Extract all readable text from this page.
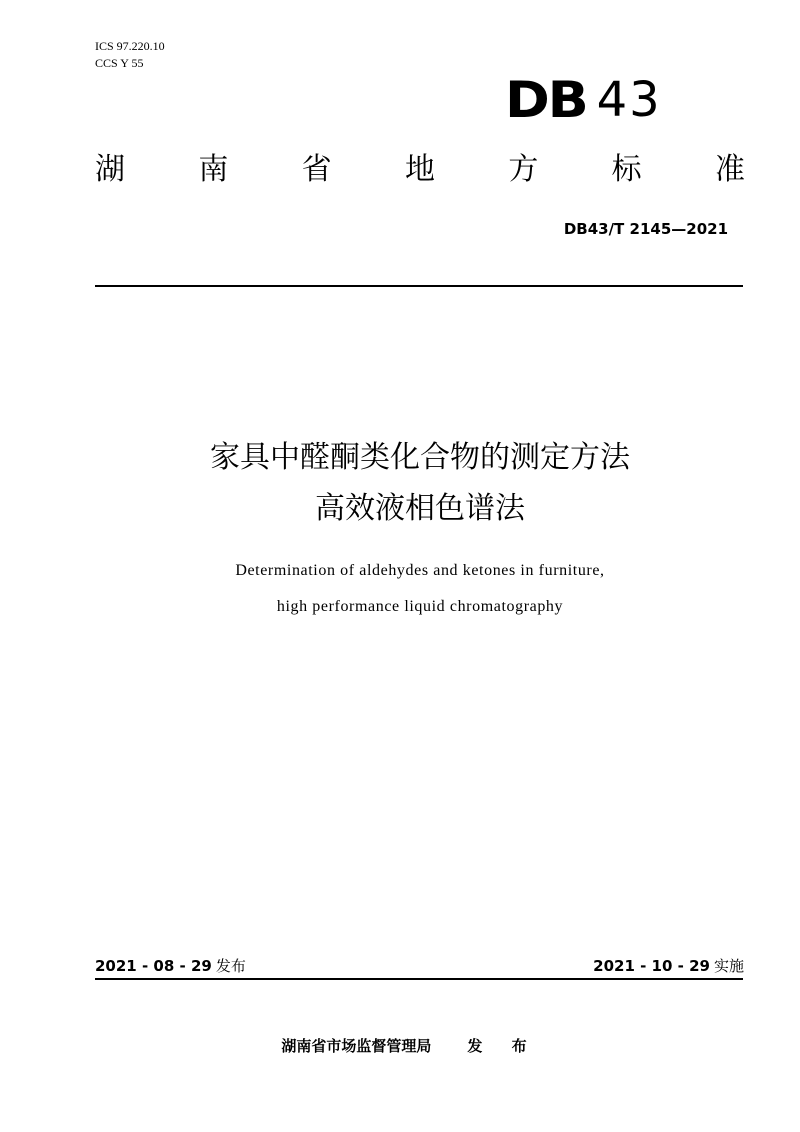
ICS 97.220.10
CCS Y 55
DB 43
湖 南 省 地 方 标 准
DB43/T 2145—2021
家具中醛酮类化合物的测定方法
高效液相色谱法
Determination of aldehydes and ketones in furniture,
high performance liquid chromatography
2021 - 08 - 29 发布	2021 - 10 - 29 实施
湖南省市场监督管理局 发 布
